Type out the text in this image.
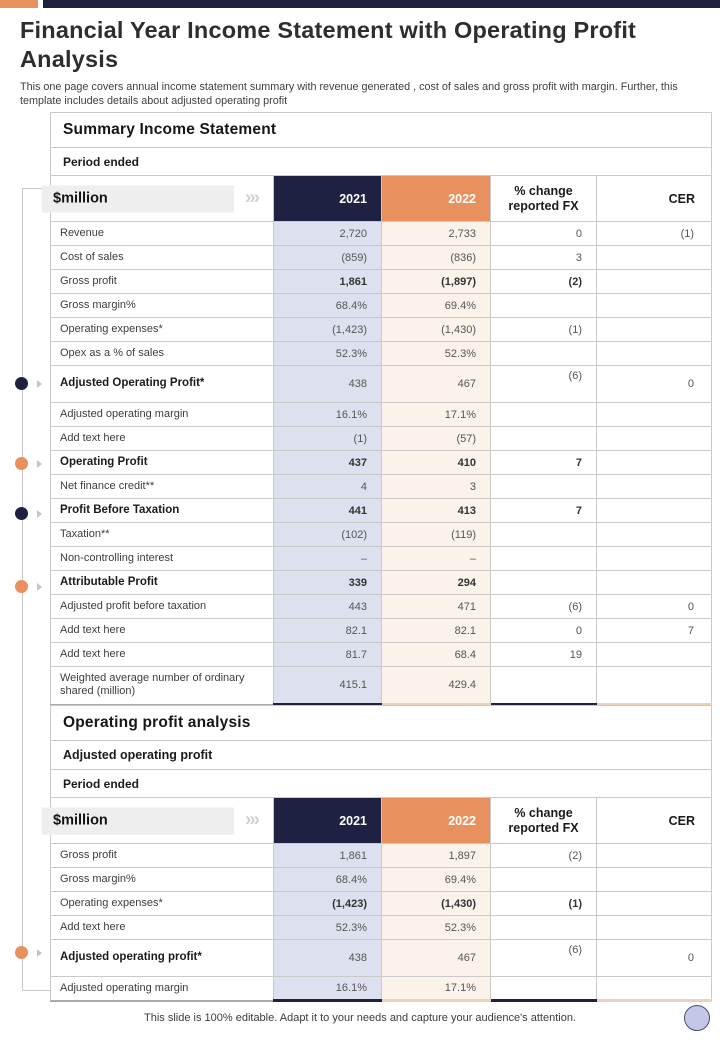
Financial Year Income Statement with Operating Profit Analysis

This one page covers annual income statement summary with revenue generated , cost of sales and gross profit with margin. Further, this template includes details about adjusted operating profit

Summary Income Statement				
Period ended				

$million ›››	2021	2022	% change reported FX	CER
Revenue	2,720	2,733	0	(1)
Cost of sales	(859)	(836)	3	
Gross profit	1,861	(1,897)	(2)	
Gross margin%	68.4%	69.4%		
Operating expenses*	(1,423)	(1,430)	(1)	
Opex as a % of sales	52.3%	52.3%		
Adjusted Operating Profit*	438	467	(6)	0
Adjusted operating margin	16.1%	17.1%		
Add text here	(1)	(57)		
Operating Profit	437	410	7	
Net finance credit**	4	3		
Profit Before Taxation	441	413	7	
Taxation**	(102)	(119)		
Non-controlling interest	–	–		
Attributable Profit	339	294		
Adjusted profit before taxation	443	471	(6)	0
Add text here	82.1	82.1	0	7
Add text here	81.7	68.4	19	
Weighted average number of ordinary shared (million)	415.1	429.4		
Operating profit analysis				
Adjusted operating profit				
Period ended				

$million ›››	2021	2022	% change reported FX	CER
Gross profit	1,861	1,897	(2)	
Gross margin%	68.4%	69.4%		
Operating expenses*	(1,423)	(1,430)	(1)	
Add text here	52.3%	52.3%		
Adjusted operating profit*	438	467	(6)	0
Adjusted operating margin	16.1%	17.1%		

This slide is 100% editable. Adapt it to your needs and capture your audience's attention.
